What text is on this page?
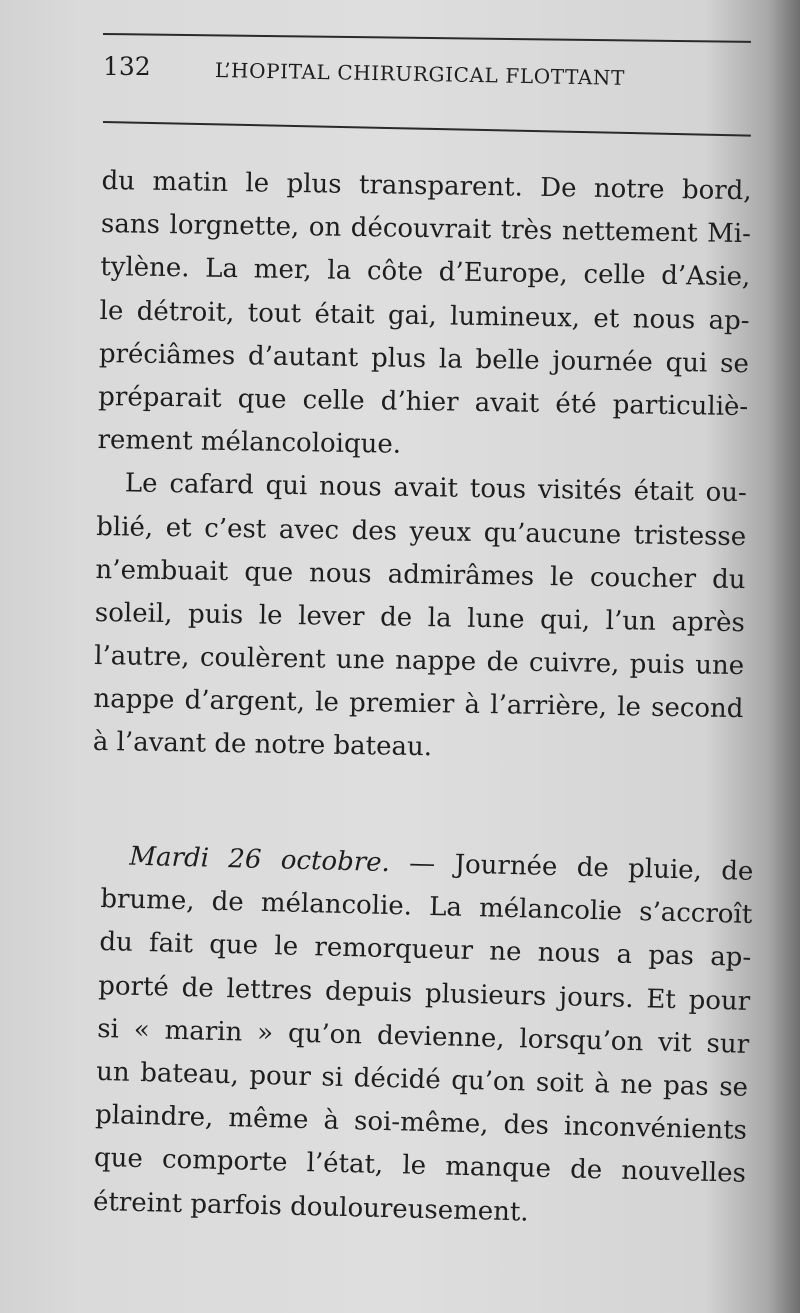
132	L’HOPITAL CHIRURGICAL FLOTTANT
du matin le plus transparent. De notre bord,
sans lorgnette, on découvrait très nettement Mi-
tylène. La mer, la côte d’Europe, celle d’Asie,
le détroit, tout était gai, lumineux, et nous ap-
préciâmes d’autant plus la belle journée qui se
préparait que celle d’hier avait été particuliè-
rement mélancoloique.
Le cafard qui nous avait tous visités était ou-
blié, et c’est avec des yeux qu’aucune tristesse
n’embuait que nous admirâmes le coucher du
soleil, puis le lever de la lune qui, l’un après
l’autre, coulèrent une nappe de cuivre, puis une
nappe d’argent, le premier à l’arrière, le second
à l’avant de notre bateau.
Mardi 26 octobre. — Journée de pluie, de
brume, de mélancolie. La mélancolie s’accroît
du fait que le remorqueur ne nous a pas ap-
porté de lettres depuis plusieurs jours. Et pour
si « marin » qu’on devienne, lorsqu’on vit sur
un bateau, pour si décidé qu’on soit à ne pas se
plaindre, même à soi-même, des inconvénients
que comporte l’état, le manque de nouvelles
étreint parfois douloureusement.
